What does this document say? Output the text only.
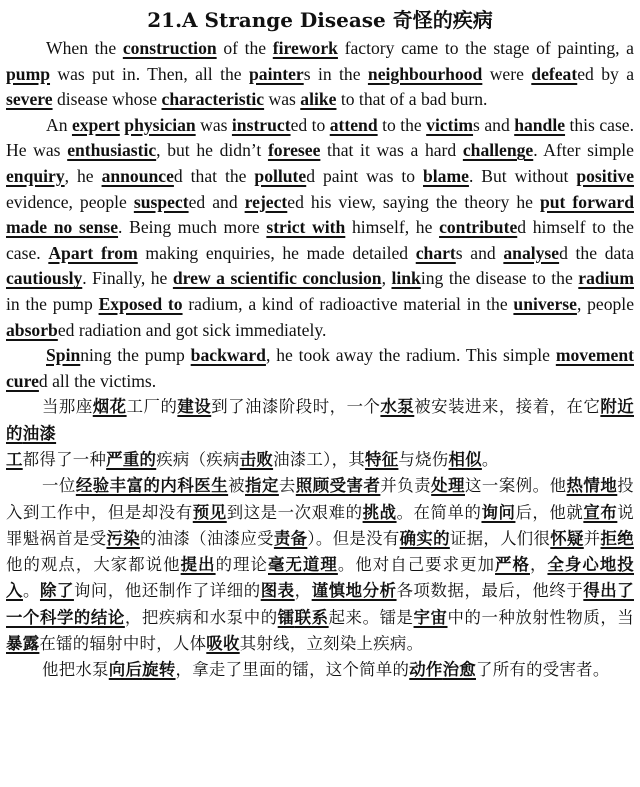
21.A Strange Disease 奇怪的疾病

When the construction of the firework factory came to the stage of painting, a pump was put in. Then, all the painters in the neighbourhood were defeated by a severe disease whose characteristic was alike to that of a bad burn.

An expert physician was instructed to attend to the victims and handle this case. He was enthusiastic, but he didn’t foresee that it was a hard challenge. After simple enquiry, he announced that the polluted paint was to blame. But without positive evidence, people suspected and rejected his view, saying the theory he put forward made no sense. Being much more strict with himself, he contributed himself to the case. Apart from making enquiries, he made detailed charts and analysed the data cautiously. Finally, he drew a scientific conclusion, linking the disease to the radium in the pump Exposed to radium, a kind of radioactive material in the universe, people absorbed radiation and got sick immediately.

Spinning the pump backward, he took away the radium. This simple movement cured all the victims.

当那座烟花工厂的建设到了油漆阶段时，一个水泵被安装进来，接着，在它附近的油漆

工都得了一种严重的疾病（疾病击败油漆工），其特征与烧伤相似。

一位经验丰富的内科医生被指定去照顾受害者并负责处理这一案例。他热情地投入到工作中，但是却没有预见到这是一次艰难的挑战。在简单的询问后，他就宣布说罪魁祸首是受污染的油漆（油漆应受责备）。但是没有确实的证据，人们很怀疑并拒绝他的观点，大家都说他提出的理论毫无道理。他对自己要求更加严格，全身心地投入。除了询问，他还制作了详细的图表，谨慎地分析各项数据，最后，他终于得出了一个科学的结论，把疾病和水泵中的镭联系起来。镭是宇宙中的一种放射性物质，当暴露在镭的辐射中时，人体吸收其射线，立刻染上疾病。

他把水泵向后旋转，拿走了里面的镭，这个简单的动作治愈了所有的受害者。
